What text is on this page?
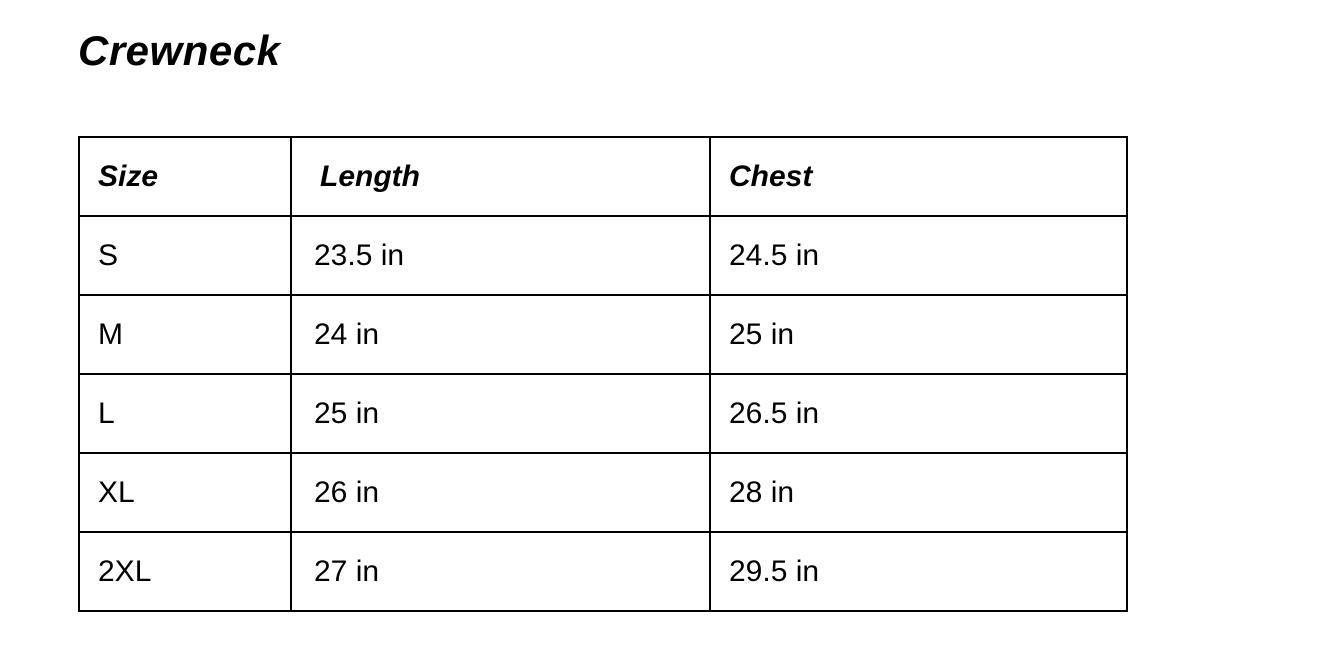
Crewneck
Size	Length	Chest
S	23.5 in	24.5 in
M	24 in	25 in
L	25 in	26.5 in
XL	26 in	28 in
2XL	27 in	29.5 in
